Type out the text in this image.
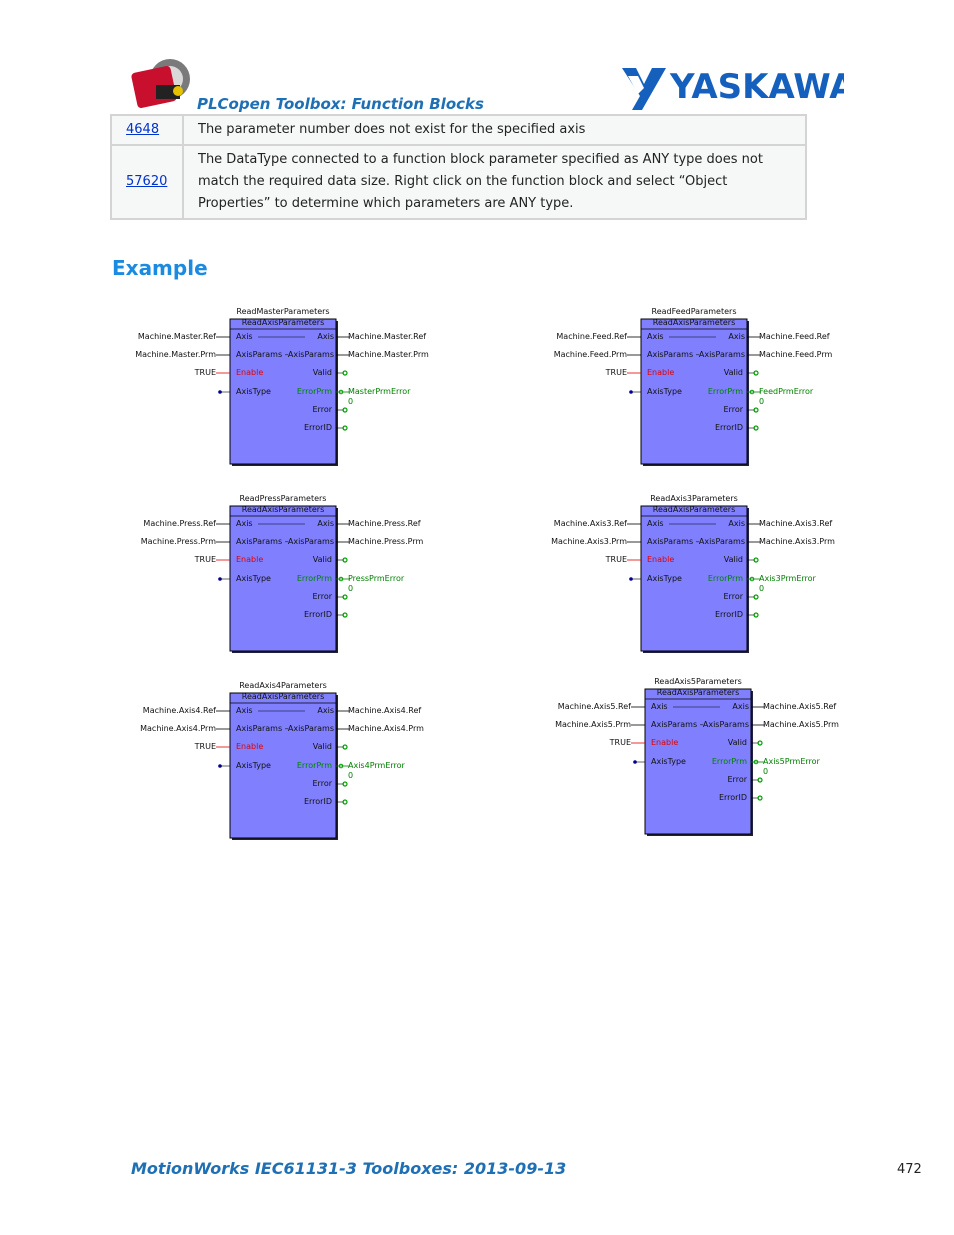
PLCopen Toolbox: Function Blocks	YASKAWA
4648	The parameter number does not exist for the specified axis
57620	The DataType connected to a function block parameter specified as ANY type does not match the required data size. Right click on the function block and select “Object Properties” to determine which parameters are ANY type.
Example
ReadMasterParameters
ReadAxisParameters
Machine.Master.Ref
Machine.Master.Prm
TRUE
Axis
AxisParams –
Enable
AxisType
Axis
AxisParams
Valid
ErrorPrm
Error
ErrorID
Machine.Master.Ref
Machine.Master.Prm
MasterPrmError
0
ReadFeedParameters
ReadAxisParameters
Machine.Feed.Ref
Machine.Feed.Prm
TRUE
Axis
AxisParams –
Enable
AxisType
Axis
AxisParams
Valid
ErrorPrm
Error
ErrorID
Machine.Feed.Ref
Machine.Feed.Prm
FeedPrmError
0
ReadPressParameters
ReadAxisParameters
Machine.Press.Ref
Machine.Press.Prm
TRUE
Axis
AxisParams –
Enable
AxisType
Axis
AxisParams
Valid
ErrorPrm
Error
ErrorID
Machine.Press.Ref
Machine.Press.Prm
PressPrmError
0
ReadAxis3Parameters
ReadAxisParameters
Machine.Axis3.Ref
Machine.Axis3.Prm
TRUE
Axis
AxisParams –
Enable
AxisType
Axis
AxisParams
Valid
ErrorPrm
Error
ErrorID
Machine.Axis3.Ref
Machine.Axis3.Prm
Axis3PrmError
0
ReadAxis4Parameters
ReadAxisParameters
Machine.Axis4.Ref
Machine.Axis4.Prm
TRUE
Axis
AxisParams –
Enable
AxisType
Axis
AxisParams
Valid
ErrorPrm
Error
ErrorID
Machine.Axis4.Ref
Machine.Axis4.Prm
Axis4PrmError
0
ReadAxis5Parameters
ReadAxisParameters
Machine.Axis5.Ref
Machine.Axis5.Prm
TRUE
Axis
AxisParams –
Enable
AxisType
Axis
AxisParams
Valid
ErrorPrm
Error
ErrorID
Machine.Axis5.Ref
Machine.Axis5.Prm
Axis5PrmError
0
MotionWorks IEC61131-3 Toolboxes: 2013-09-13	472
